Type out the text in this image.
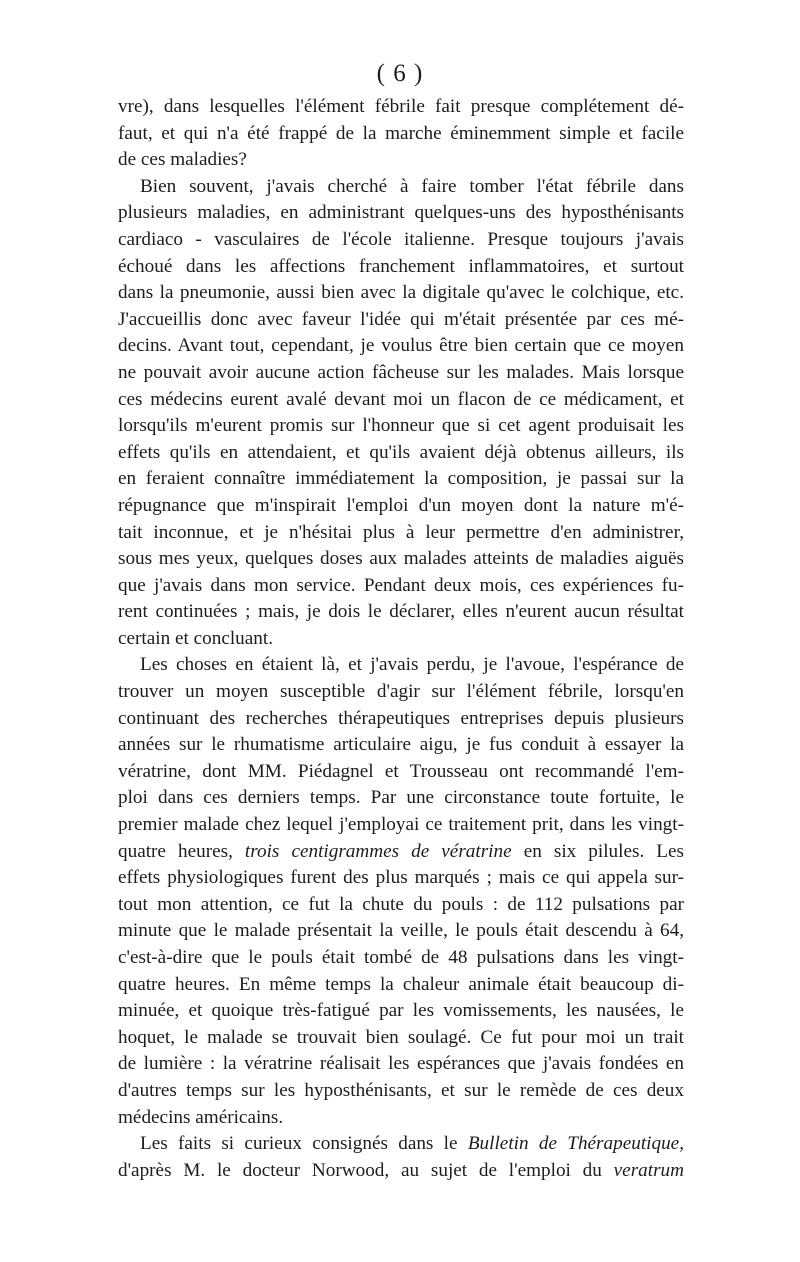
( 6 )
vre), dans lesquelles l'élément fébrile fait presque complétement dé-
faut, et qui n'a été frappé de la marche éminemment simple et facile
de ces maladies?
Bien souvent, j'avais cherché à faire tomber l'état fébrile dans
plusieurs maladies, en administrant quelques-uns des hyposthénisants
cardiaco - vasculaires de l'école italienne. Presque toujours j'avais
échoué dans les affections franchement inflammatoires, et surtout
dans la pneumonie, aussi bien avec la digitale qu'avec le colchique, etc.
J'accueillis donc avec faveur l'idée qui m'était présentée par ces mé-
decins. Avant tout, cependant, je voulus être bien certain que ce moyen
ne pouvait avoir aucune action fâcheuse sur les malades. Mais lorsque
ces médecins eurent avalé devant moi un flacon de ce médicament, et
lorsqu'ils m'eurent promis sur l'honneur que si cet agent produisait les
effets qu'ils en attendaient, et qu'ils avaient déjà obtenus ailleurs, ils
en feraient connaître immédiatement la composition, je passai sur la
répugnance que m'inspirait l'emploi d'un moyen dont la nature m'é-
tait inconnue, et je n'hésitai plus à leur permettre d'en administrer,
sous mes yeux, quelques doses aux malades atteints de maladies aiguës
que j'avais dans mon service. Pendant deux mois, ces expériences fu-
rent continuées ; mais, je dois le déclarer, elles n'eurent aucun résultat
certain et concluant.
Les choses en étaient là, et j'avais perdu, je l'avoue, l'espérance de
trouver un moyen susceptible d'agir sur l'élément fébrile, lorsqu'en
continuant des recherches thérapeutiques entreprises depuis plusieurs
années sur le rhumatisme articulaire aigu, je fus conduit à essayer la
vératrine, dont MM. Piédagnel et Trousseau ont recommandé l'em-
ploi dans ces derniers temps. Par une circonstance toute fortuite, le
premier malade chez lequel j'employai ce traitement prit, dans les vingt-
quatre heures, trois centigrammes de vératrine en six pilules. Les
effets physiologiques furent des plus marqués ; mais ce qui appela sur-
tout mon attention, ce fut la chute du pouls : de 112 pulsations par
minute que le malade présentait la veille, le pouls était descendu à 64,
c'est-à-dire que le pouls était tombé de 48 pulsations dans les vingt-
quatre heures. En même temps la chaleur animale était beaucoup di-
minuée, et quoique très-fatigué par les vomissements, les nausées, le
hoquet, le malade se trouvait bien soulagé. Ce fut pour moi un trait
de lumière : la vératrine réalisait les espérances que j'avais fondées en
d'autres temps sur les hyposthénisants, et sur le remède de ces deux
médecins américains.
Les faits si curieux consignés dans le Bulletin de Thérapeutique,
d'après M. le docteur Norwood, au sujet de l'emploi du veratrum
